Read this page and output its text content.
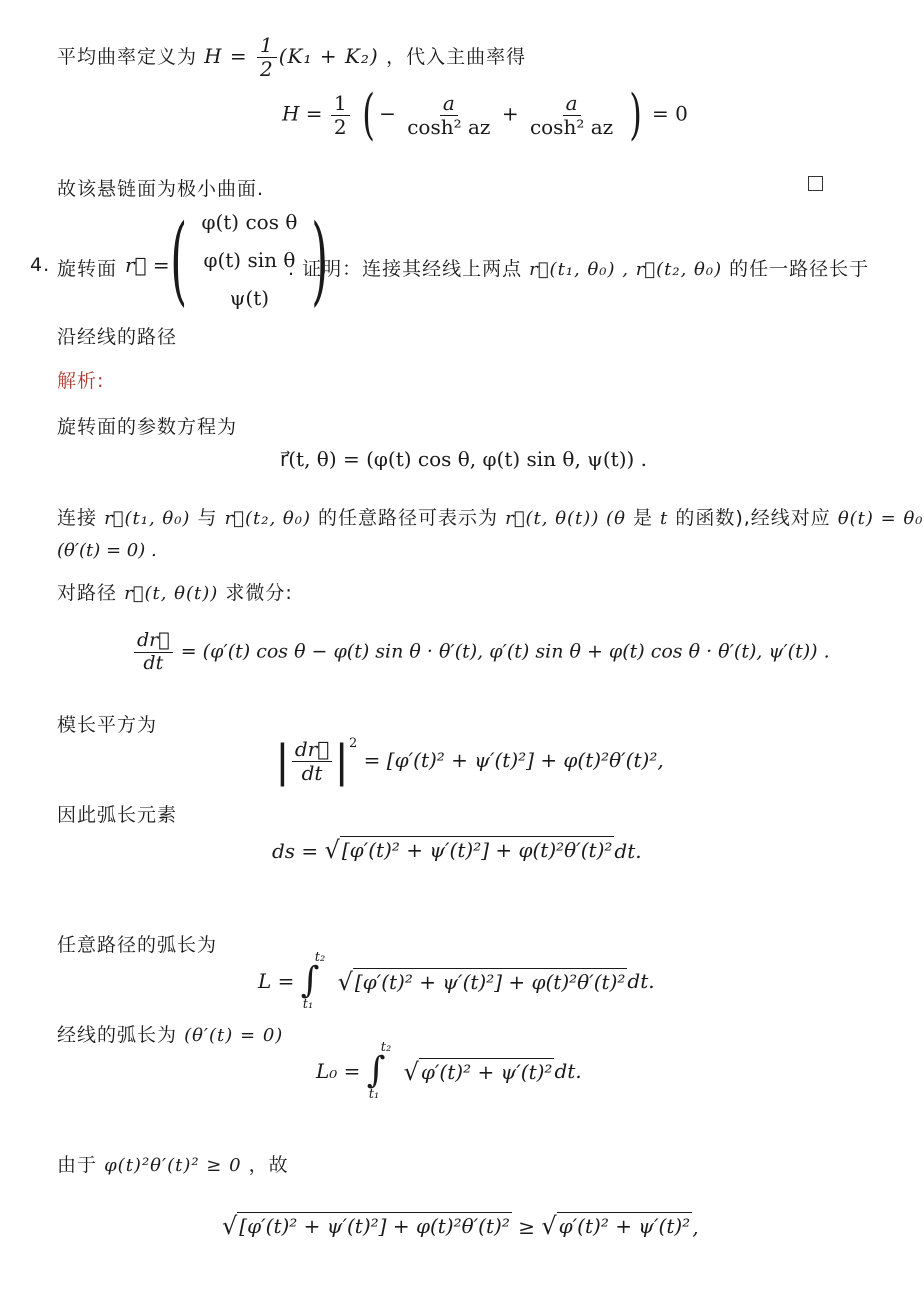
平均曲率定义为 $H = \frac{1}{2} (K_1 + K_2)$ ，代入主曲率得
$H = \frac{1}{2}$ ( − $\frac{a}{\text{cosh² az}} + \frac{a}{\text{cosh² az}}$ ) = 0
故该悬链面为极小曲面.
4. 旋转面 r⃗ = ( φ(t) cos θ
φ(t) sin θ
ψ(t) )
. 证明：连接其经线上两点 r⃗(t₁, θ₀) , r⃗(t₂, θ₀) 的任一路径长于
沿经线的路径
解析:
旋转面的参数方程为
r⃗(t, θ) = (φ(t) cos θ, φ(t) sin θ, ψ(t)) .
连接 r⃗(t₁, θ₀) 与 r⃗(t₂, θ₀) 的任意路径可表示为 r⃗(t, θ(t)) (θ 是 t 的函数),经线对应 θ(t) = θ₀
(θ′(t) = 0) .
对路径 r⃗(t, θ(t)) 求微分:
$\frac{dr⃗}{dt} = (\varphi'(t)$ cos θ − φ(t) sin θ · θ′(t), φ′(t) sin θ + φ(t) cos θ · θ′(t), ψ′(t)) .
模长平方为
| $\frac{dr⃗}{dt} |^2 = [\varphi'(t)^2 + \psi'(t)^2] + \varphi(t)^2\theta'(t)^2$,
因此弧长元素
ds = √ [φ′(t)² + ψ′(t)²] + φ(t)²θ′(t)² dt.
任意路径的弧长为
L =
t₂
∫
t₁

√ [φ′(t)² + ψ′(t)²] + φ(t)²θ′(t)² dt.
经线的弧长为 (θ′(t) = 0)
L₀ =
t₂
∫
t₁

√ φ′(t)² + ψ′(t)² dt.
由于 φ(t)²θ′(t)² ≥ 0 ，故
√ [φ′(t)² + ψ′(t)²] + φ(t)²θ′(t)² ≥ √ φ′(t)² + ψ′(t)² ,
